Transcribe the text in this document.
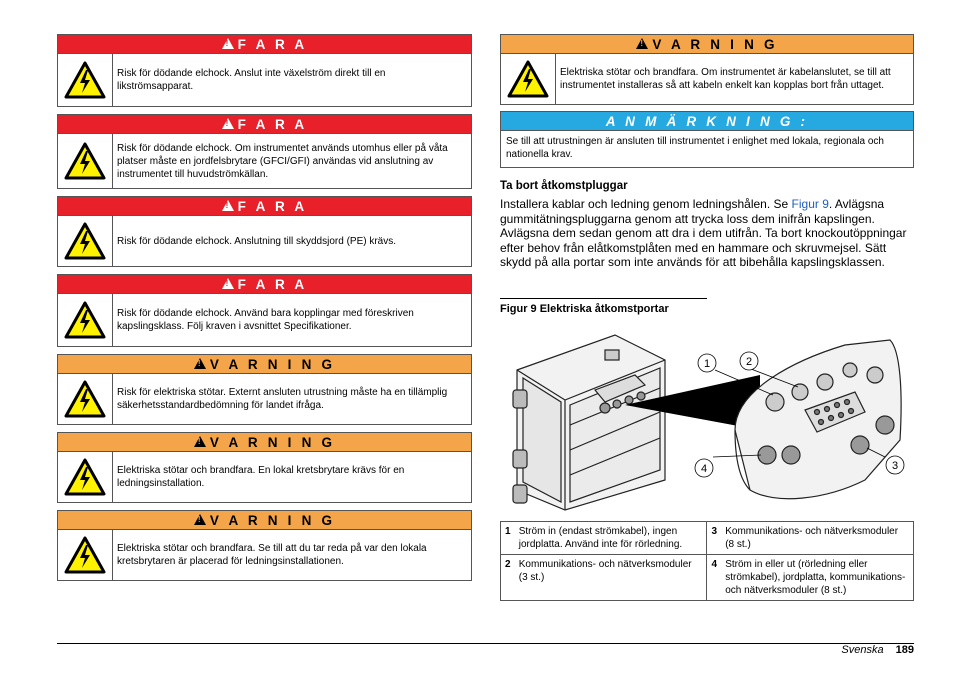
!
F A R A
Risk för dödande elchock. Anslut inte växelström direkt till en likströmsapparat.
!
F A R A
Risk för dödande elchock. Om instrumentet används utomhus eller på våta platser måste en jordfelsbrytare (GFCI/GFI) användas vid anslutning av instrumentet till huvudströmkällan.
!
F A R A
Risk för dödande elchock. Anslutning till skyddsjord (PE) krävs.
!
F A R A
Risk för dödande elchock. Använd bara kopplingar med föreskriven kapslingsklass. Följ kraven i avsnittet Specifikationer.
!
V A R N I N G
Risk för elektriska stötar. Externt ansluten utrustning måste ha en tillämplig säkerhetsstandardbedömning för landet ifråga.
!
V A R N I N G
Elektriska stötar och brandfara. En lokal kretsbrytare krävs för en ledningsinstallation.
!
V A R N I N G
Elektriska stötar och brandfara. Se till att du tar reda på var den lokala kretsbrytaren är placerad för ledningsinstallationen.
!
V A R N I N G
Elektriska stötar och brandfara. Om instrumentet är kabelanslutet, se till att instrumentet installeras så att kabeln enkelt kan kopplas bort från uttaget.
A N M Ä R K N I N G :
Se till att utrustningen är ansluten till instrumentet i enlighet med lokala, regionala och nationella krav.
Ta bort åtkomstpluggar

Installera kablar och ledning genom ledningshålen. Se Figur 9. Avlägsna gummitätningspluggarna genom att trycka loss dem inifrån kapslingen. Avlägsna dem sedan genom att dra i dem utifrån. Ta bort knockoutöppningar efter behov från elåtkomstplåten med en hammare och skruvmejsel. Sätt skydd på alla portar som inte används för att bibehålla kapslingsklassen.

Figur 9 Elektriska åtkomstportar
1	2
3
4
1	Ström in (endast strömkabel), ingen jordplatta. Använd inte för rörledning.	3	Kommunikations- och nätverksmoduler (8 st.)
2	Kommunikations- och nätverksmoduler (3 st.)	4	Ström in eller ut (rörledning eller strömkabel), jordplatta, kommunikations- och nätverksmoduler (8 st.)
Svenska 189
